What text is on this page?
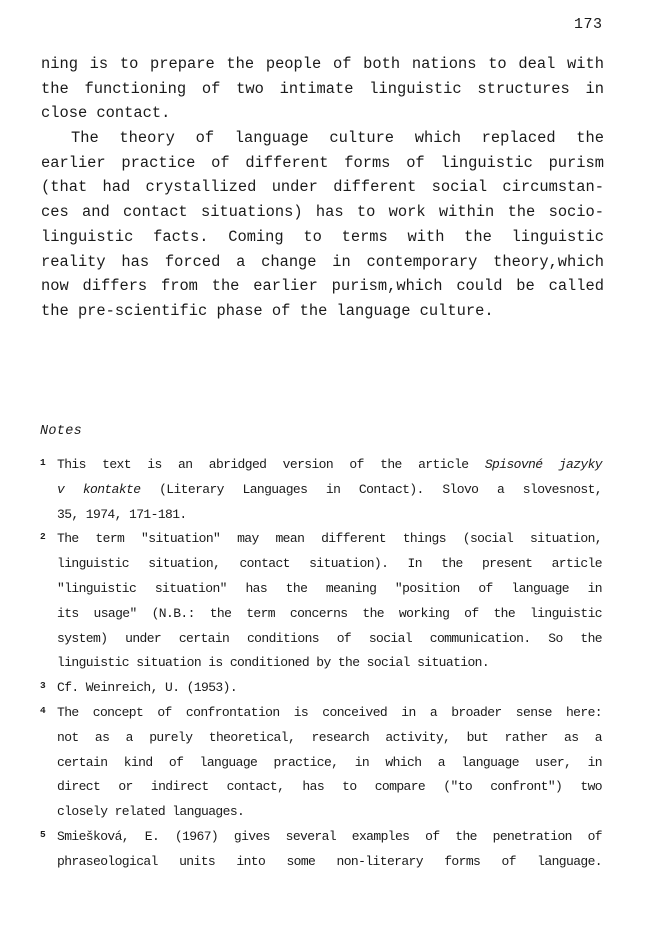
173
ning is to prepare the people of both nations to deal with
the functioning of two intimate linguistic structures in
close contact.
The theory of language culture which replaced the
earlier practice of different forms of linguistic purism
(that had crystallized under different social circumstan-
ces and contact situations) has to work within the socio-
linguistic facts. Coming to terms with the linguistic
reality has forced a change in contemporary theory,which
now differs from the earlier purism,which could be called
the pre-scientific phase of the language culture.
Notes
1 This text is an abridged version of the article Spisovné jazyky
v kontakte (Literary Languages in Contact). Slovo a slovesnost,
35, 1974, 171-181.
2 The term "situation" may mean different things (social situation,
linguistic situation, contact situation). In the present article
"linguistic situation" has the meaning "position of language in
its usage" (N.B.: the term concerns the working of the linguistic
system) under certain conditions of social communication. So the
linguistic situation is conditioned by the social situation.
3 Cf. Weinreich, U. (1953).
4 The concept of confrontation is conceived in a broader sense here:
not as a purely theoretical, research activity, but rather as a
certain kind of language practice, in which a language user, in
direct or indirect contact, has to compare ("to confront") two
closely related languages.
5 Smiešková, E. (1967) gives several examples of the penetration of
phraseological units into some non-literary forms of language.
